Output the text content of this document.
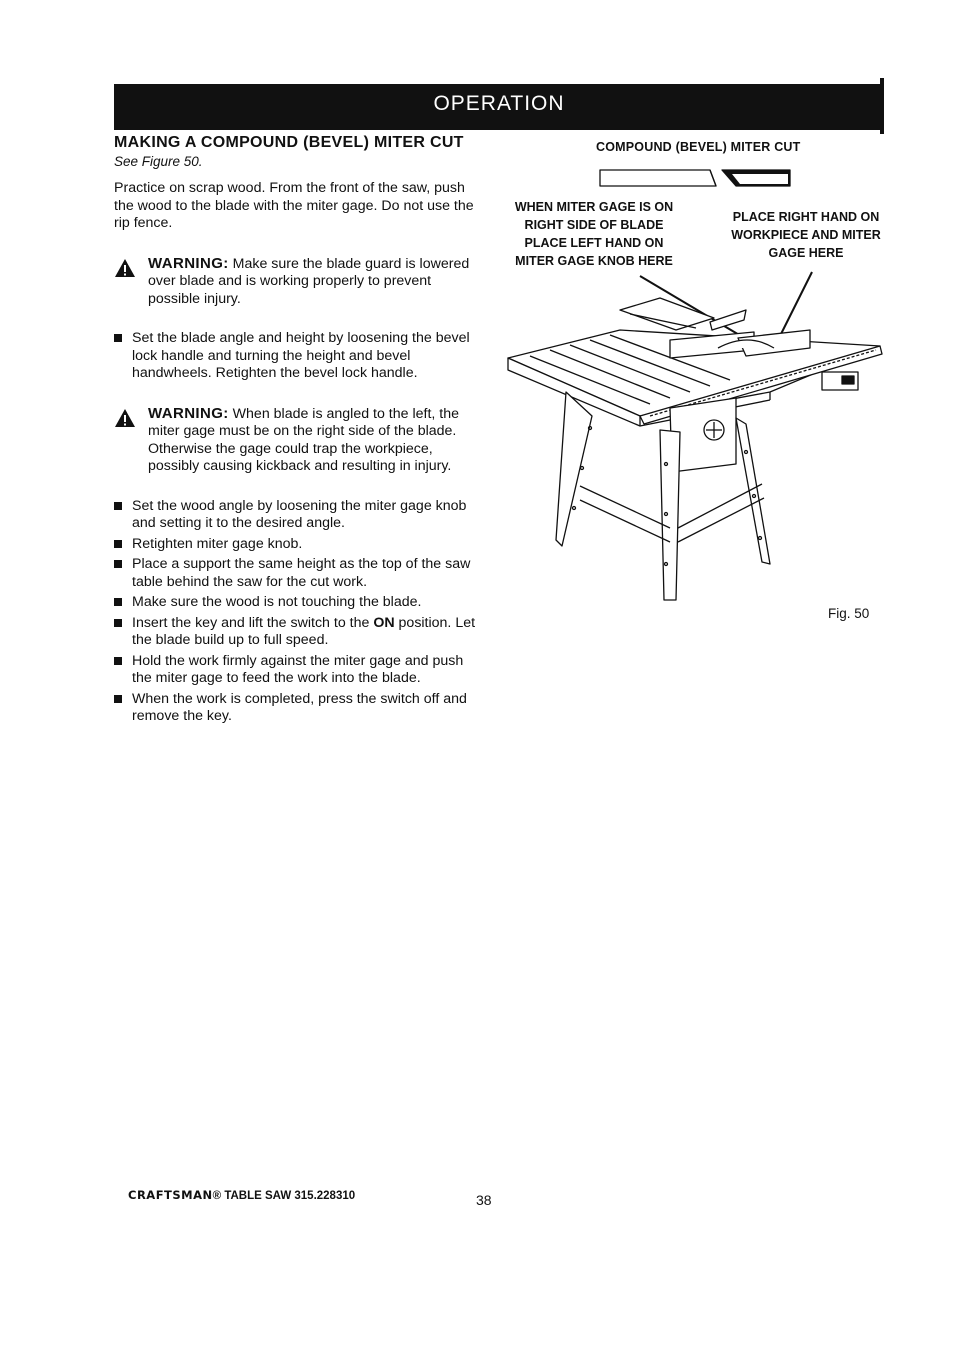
OPERATION
MAKING A COMPOUND (BEVEL) MITER CUT
See Figure 50.

Practice on scrap wood. From the front of the saw, push the wood to the blade with the miter gage. Do not use the rip fence.

WARNING: Make sure the blade guard is lowered over blade and is working properly to prevent possible injury.
Set the blade angle and height by loosening the bevel lock handle and turning the height and bevel handwheels. Retighten the bevel lock handle.
WARNING: When blade is angled to the left, the miter gage must be on the right side of the blade. Otherwise the gage could trap the workpiece, possibly causing kickback and resulting in injury.
Set the wood angle by loosening the miter gage knob and setting it to the desired angle.
Retighten miter gage knob.
Place a support the same height as the top of the saw table behind the saw for the cut work.
Make sure the wood is not touching the blade.
Insert the key and lift the switch to the ON position. Let the blade build up to full speed.
Hold the work firmly against the miter gage and push the miter gage to feed the work into the blade.
When the work is completed, press the switch off and remove the key.
COMPOUND (BEVEL) MITER CUT
WHEN MITER GAGE IS ON RIGHT SIDE OF BLADE PLACE LEFT HAND ON MITER GAGE KNOB HERE
PLACE RIGHT HAND ON WORKPIECE AND MITER GAGE HERE
Fig. 50
CRAFTSMAN® TABLE SAW 315.228310	38
